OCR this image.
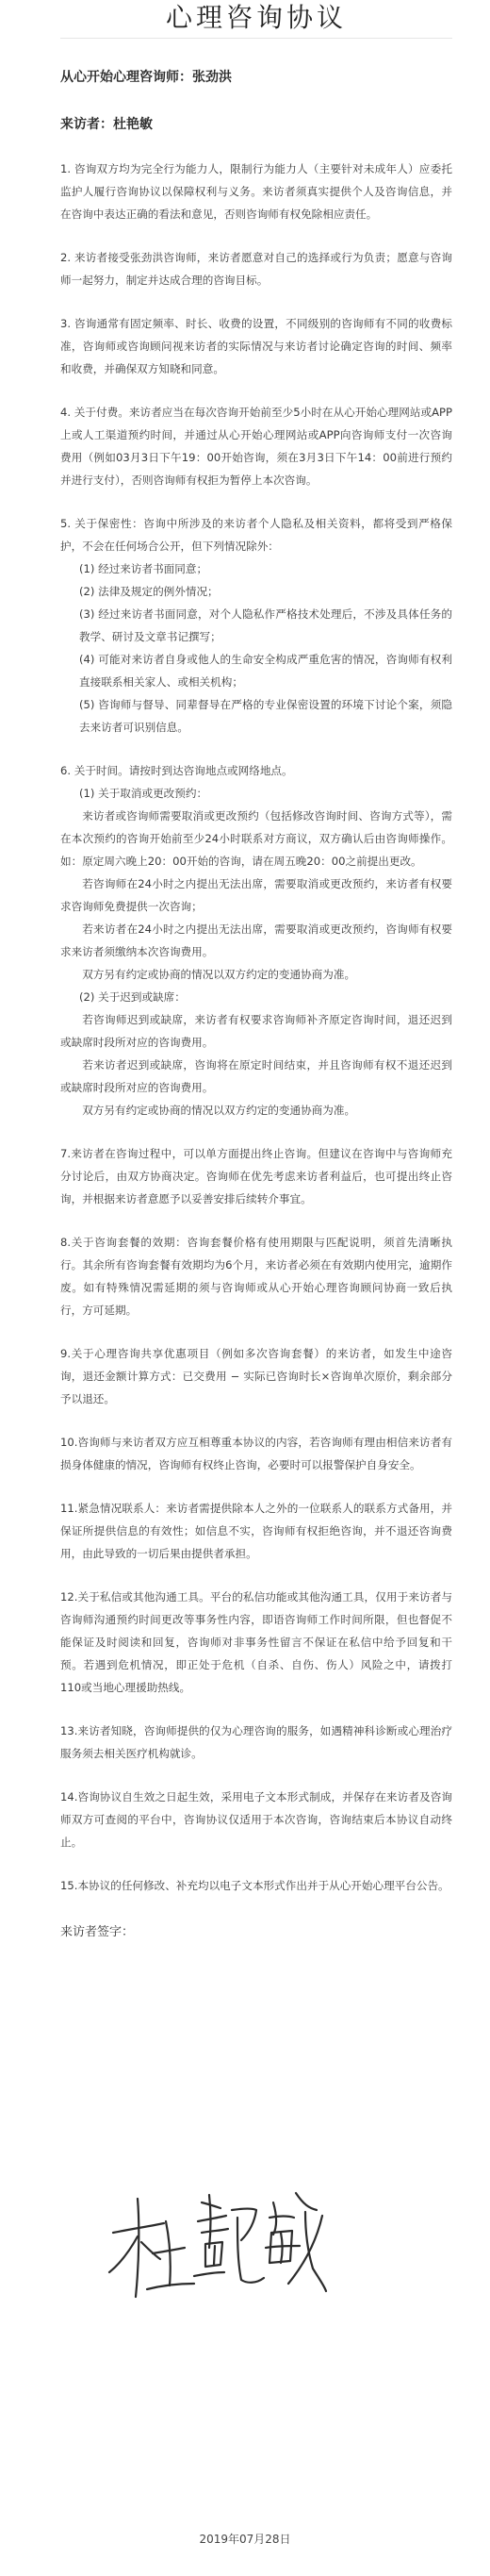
心理咨询协议

从心开始心理咨询师：张劲洪

来访者：杜艳敏

1. 咨询双方均为完全行为能力人，限制行为能力人（主要针对未成年人）应委托监护人履行咨询协议以保障权利与义务。来访者须真实提供个人及咨询信息，并在咨询中表达正确的看法和意见，否则咨询师有权免除相应责任。

2. 来访者接受张劲洪咨询师，来访者愿意对自己的选择或行为负责；愿意与咨询师一起努力，制定并达成合理的咨询目标。

3. 咨询通常有固定频率、时长、收费的设置，不同级别的咨询师有不同的收费标准，咨询师或咨询顾问视来访者的实际情况与来访者讨论确定咨询的时间、频率和收费，并确保双方知晓和同意。

4. 关于付费。来访者应当在每次咨询开始前至少5小时在从心开始心理网站或APP上或人工渠道预约时间，并通过从心开始心理网站或APP向咨询师支付一次咨询费用（例如03月3日下午19：00开始咨询，须在3月3日下午14：00前进行预约并进行支付），否则咨询师有权拒为暂停上本次咨询。

5. 关于保密性：咨询中所涉及的来访者个人隐私及相关资料，都将受到严格保护，不会在任何场合公开，但下列情况除外：

(1) 经过来访者书面同意；

(2) 法律及规定的例外情况；

(3) 经过来访者书面同意，对个人隐私作严格技术处理后，不涉及具体任务的教学、研讨及文章书记撰写；

(4) 可能对来访者自身或他人的生命安全构成严重危害的情况，咨询师有权利直接联系相关家人、或相关机构；

(5) 咨询师与督导、同辈督导在严格的专业保密设置的环境下讨论个案，须隐去来访者可识别信息。

6. 关于时间。请按时到达咨询地点或网络地点。

(1) 关于取消或更改预约：

来访者或咨询师需要取消或更改预约（包括修改咨询时间、咨询方式等），需在本次预约的咨询开始前至少24小时联系对方商议，双方确认后由咨询师操作。如：原定周六晚上20：00开始的咨询，请在周五晚20：00之前提出更改。

若咨询师在24小时之内提出无法出席，需要取消或更改预约，来访者有权要求咨询师免费提供一次咨询；

若来访者在24小时之内提出无法出席，需要取消或更改预约，咨询师有权要求来访者须缴纳本次咨询费用。

双方另有约定或协商的情况以双方约定的变通协商为准。

(2) 关于迟到或缺席：

若咨询师迟到或缺席，来访者有权要求咨询师补齐原定咨询时间，退还迟到或缺席时段所对应的咨询费用。

若来访者迟到或缺席，咨询将在原定时间结束，并且咨询师有权不退还迟到或缺席时段所对应的咨询费用。

双方另有约定或协商的情况以双方约定的变通协商为准。

7.来访者在咨询过程中，可以单方面提出终止咨询。但建议在咨询中与咨询师充分讨论后，由双方协商决定。咨询师在优先考虑来访者利益后，也可提出终止咨询，并根据来访者意愿予以妥善安排后续转介事宜。

8.关于咨询套餐的效期：咨询套餐价格有使用期限与匹配说明，须首先清晰执行。其余所有咨询套餐有效期均为6个月，来访者必须在有效期内使用完，逾期作废。如有特殊情况需延期的须与咨询师或从心开始心理咨询顾问协商一致后执行，方可延期。

9.关于心理咨询共享优惠项目（例如多次咨询套餐）的来访者，如发生中途咨询，退还金额计算方式：已交费用 − 实际已咨询时长×咨询单次原价，剩余部分予以退还。

10.咨询师与来访者双方应互相尊重本协议的内容，若咨询师有理由相信来访者有损身体健康的情况，咨询师有权终止咨询，必要时可以报警保护自身安全。

11.紧急情况联系人：来访者需提供除本人之外的一位联系人的联系方式备用，并保证所提供信息的有效性；如信息不实，咨询师有权拒绝咨询，并不退还咨询费用，由此导致的一切后果由提供者承担。

12.关于私信或其他沟通工具。平台的私信功能或其他沟通工具，仅用于来访者与咨询师沟通预约时间更改等事务性内容，即语咨询师工作时间所限，但也督促不能保证及时阅读和回复，咨询师对非事务性留言不保证在私信中给予回复和干预。若遇到危机情况，即正处于危机（自杀、自伤、伤人）风险之中，请拨打110或当地心理援助热线。

13.来访者知晓，咨询师提供的仅为心理咨询的服务，如遇精神科诊断或心理治疗服务须去相关医疗机构就诊。

14.咨询协议自生效之日起生效，采用电子文本形式制成，并保存在来访者及咨询师双方可查阅的平台中，咨询协议仅适用于本次咨询，咨询结束后本协议自动终止。

15.本协议的任何修改、补充均以电子文本形式作出并于从心开始心理平台公告。

来访者签字：
2019年07月28日
